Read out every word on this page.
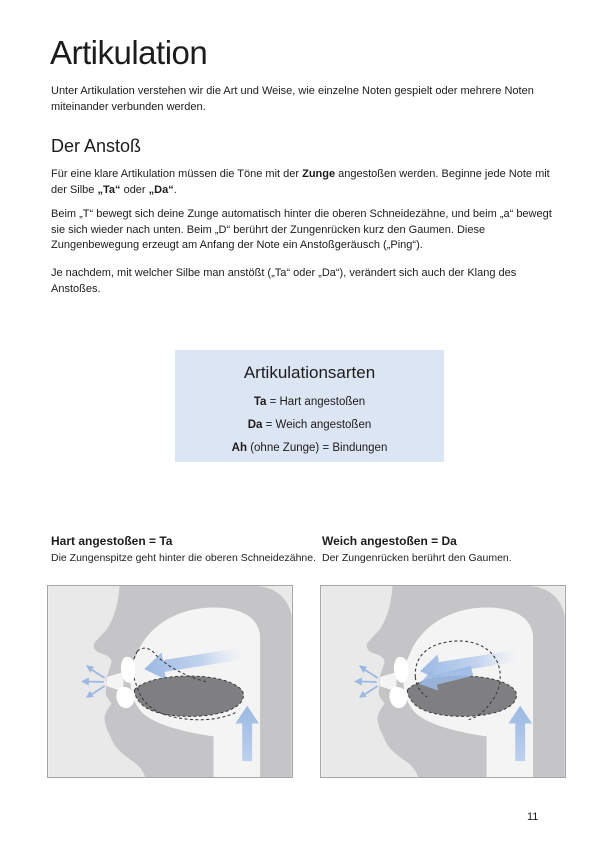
Artikulation
Unter Artikulation verstehen wir die Art und Weise, wie einzelne Noten gespielt oder mehrere Noten miteinander verbunden werden.
Der Anstoß
Für eine klare Artikulation müssen die Töne mit der Zunge angestoßen werden. Beginne jede Note mit der Silbe „Ta“ oder „Da“.
Beim „T“ bewegt sich deine Zunge automatisch hinter die oberen Schneidezähne, und beim „a“ bewegt sie sich wieder nach unten. Beim „D“ berührt der Zungenrücken kurz den Gaumen. Diese Zungenbewegung erzeugt am Anfang der Note ein Anstoßgeräusch („Ping“).
Je nachdem, mit welcher Silbe man anstößt („Ta“ oder „Da“), verändert sich auch der Klang des Anstoßes.
Artikulationsarten
Ta = Hart angestoßen
Da = Weich angestoßen
Ah (ohne Zunge) = Bindungen
Hart angestoßen = Ta
Die Zungenspitze geht hinter die oberen Schneidezähne.
Weich angestoßen = Da
Der Zungenrücken berührt den Gaumen.
11
